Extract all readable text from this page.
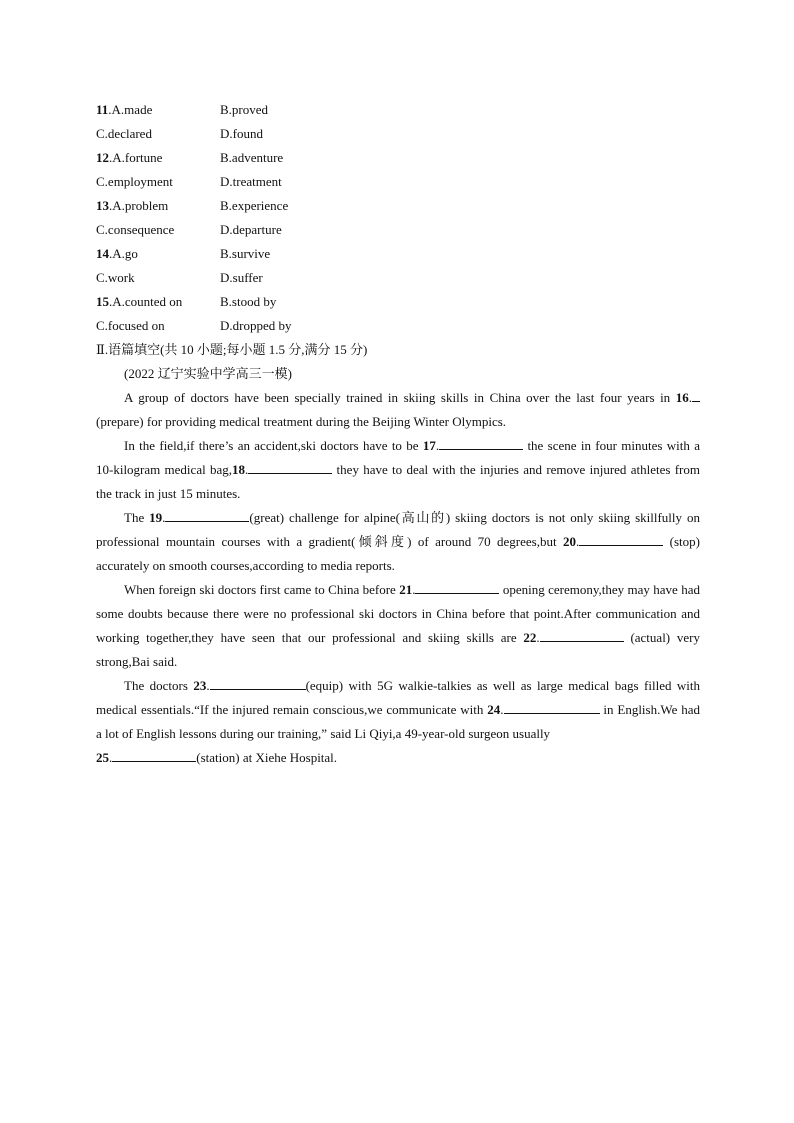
11.A.made	B.proved
C.declared	D.found
12.A.fortune	B.adventure
C.employment	D.treatment
13.A.problem	B.experience
C.consequence	D.departure
14.A.go	B.survive
C.work	D.suffer
15.A.counted on	B.stood by
C.focused on	D.dropped by
Ⅱ.语篇填空(共 10 小题;每小题 1.5 分,满分 15 分)
(2022 辽宁实验中学高三一模)

A group of doctors have been specially trained in skiing skills in China over the last four years in 16. (prepare) for providing medical treatment during the Beijing Winter Olympics.

In the field,if there’s an accident,ski doctors have to be 17.	the scene in four minutes with a 10-kilogram medical bag,18.	they have to deal with the injuries and remove injured athletes from the track in just 15 minutes.

The 19.	(great) challenge for alpine(高山的) skiing doctors is not only skiing skillfully on professional mountain courses with a gradient(倾斜度) of around 70 degrees,but 20.	(stop) accurately on smooth courses,according to media reports.

When foreign ski doctors first came to China before 21.	opening ceremony,they may have had some doubts because there were no professional ski doctors in China before that point.After communication and working together,they have seen that our professional and skiing skills are 22.	(actual) very strong,Bai said.

The doctors 23.	(equip) with 5G walkie-talkies as well as large medical bags filled with medical essentials.“If the injured remain conscious,we communicate with 24.	in English.We had a lot of English lessons during our training,” said Li Qiyi,a 49-year-old surgeon usually
25.	(station) at Xiehe Hospital.
